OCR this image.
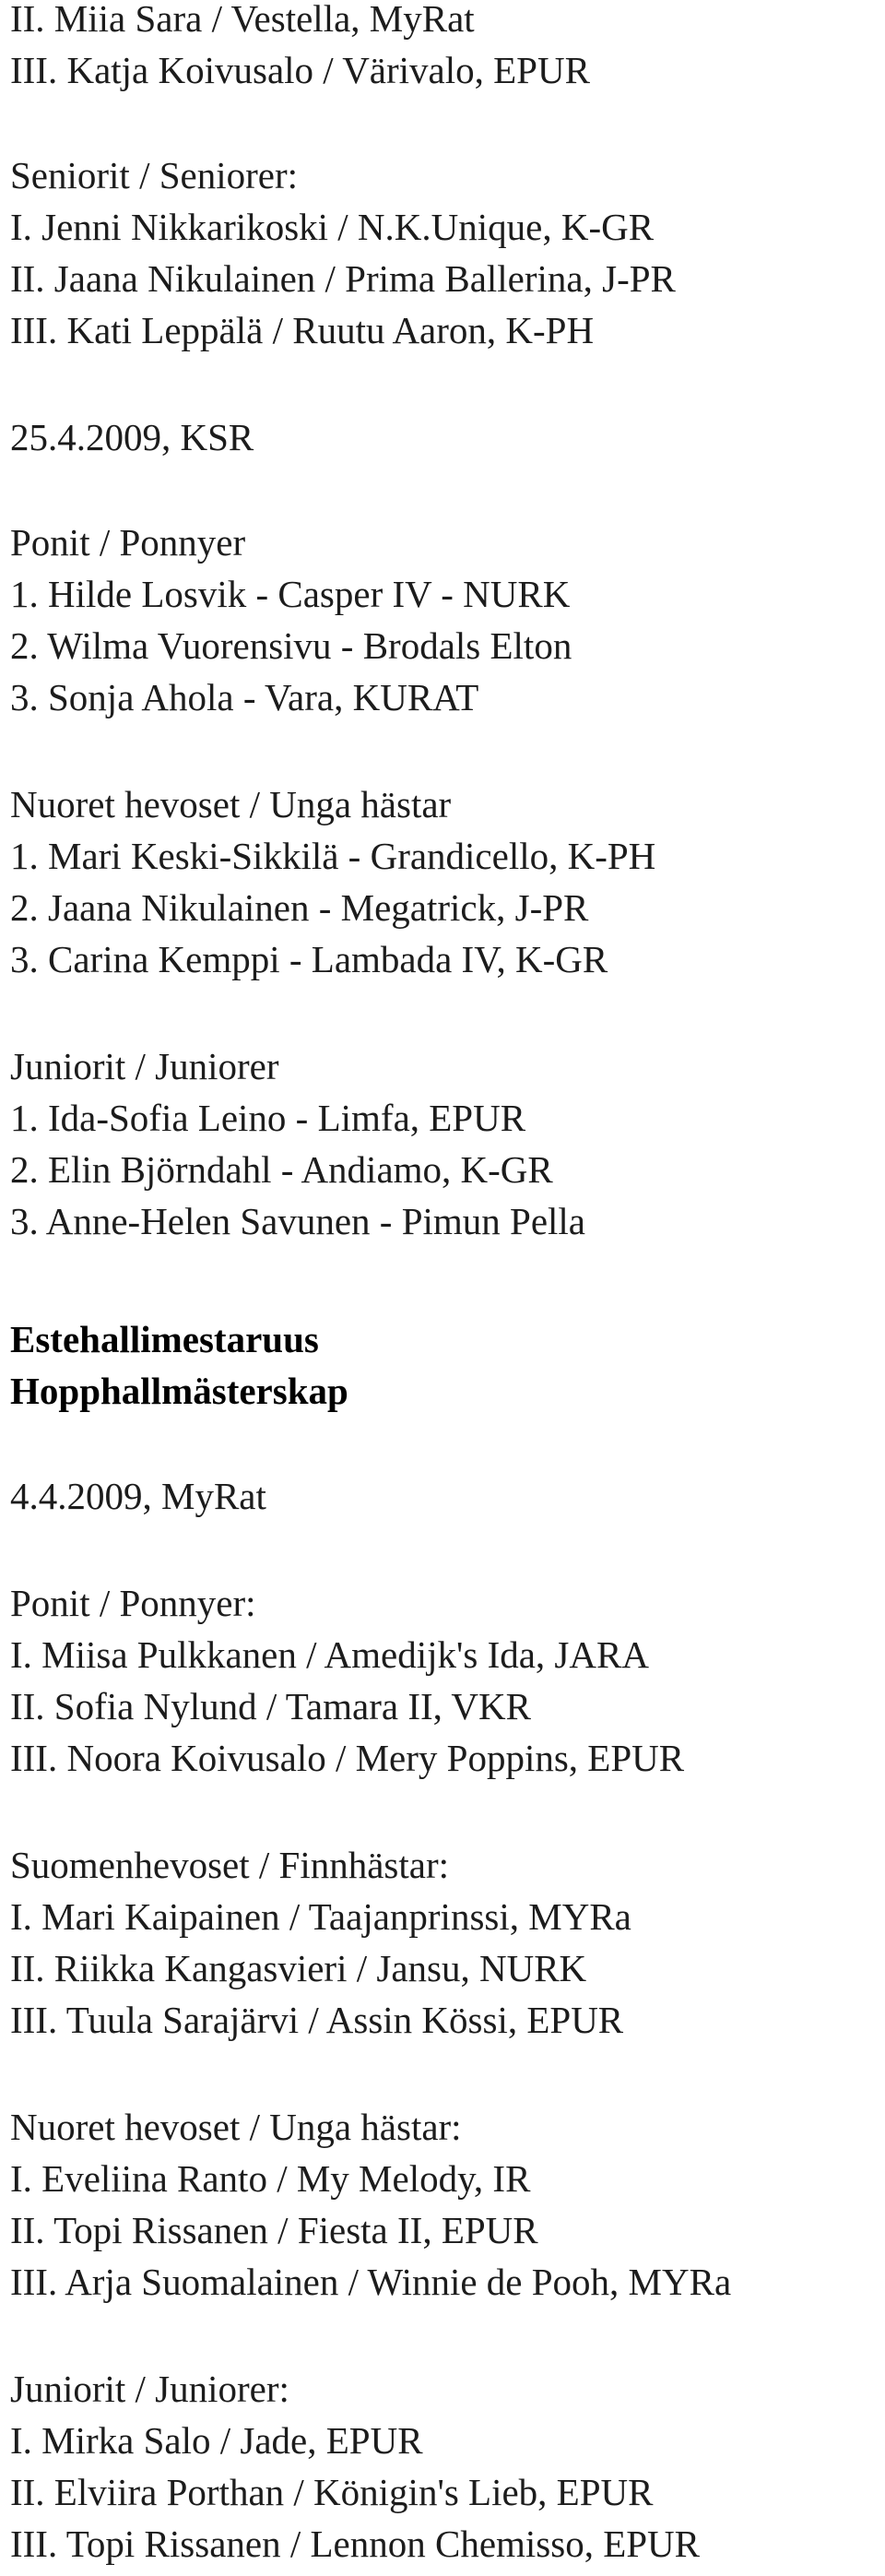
II. Miia Sara / Vestella, MyRat
III. Katja Koivusalo / Värivalo, EPUR
Seniorit / Seniorer:
I. Jenni Nikkarikoski / N.K.Unique, K-GR
II. Jaana Nikulainen / Prima Ballerina, J-PR
III. Kati Leppälä / Ruutu Aaron, K-PH
25.4.2009, KSR
Ponit / Ponnyer
1. Hilde Losvik - Casper IV - NURK
2. Wilma Vuorensivu - Brodals Elton
3. Sonja Ahola - Vara, KURAT
Nuoret hevoset / Unga hästar
1. Mari Keski-Sikkilä - Grandicello, K-PH
2. Jaana Nikulainen - Megatrick, J-PR
3. Carina Kemppi - Lambada IV, K-GR
Juniorit / Juniorer
1. Ida-Sofia Leino - Limfa, EPUR
2. Elin Björndahl - Andiamo, K-GR
3. Anne-Helen Savunen - Pimun Pella
Estehallimestaruus
Hopphallmästerskap
4.4.2009, MyRat
Ponit / Ponnyer:
I. Miisa Pulkkanen / Amedijk's Ida, JARA
II. Sofia Nylund / Tamara II, VKR
III. Noora Koivusalo / Mery Poppins, EPUR
Suomenhevoset / Finnhästar:
I. Mari Kaipainen / Taajanprinssi, MYRa
II. Riikka Kangasvieri / Jansu, NURK
III. Tuula Sarajärvi / Assin Kössi, EPUR
Nuoret hevoset / Unga hästar:
I. Eveliina Ranto / My Melody, IR
II. Topi Rissanen / Fiesta II, EPUR
III. Arja Suomalainen / Winnie de Pooh, MYRa
Juniorit / Juniorer:
I. Mirka Salo / Jade, EPUR
II. Elviira Porthan / Königin's Lieb, EPUR
III. Topi Rissanen / Lennon Chemisso, EPUR
